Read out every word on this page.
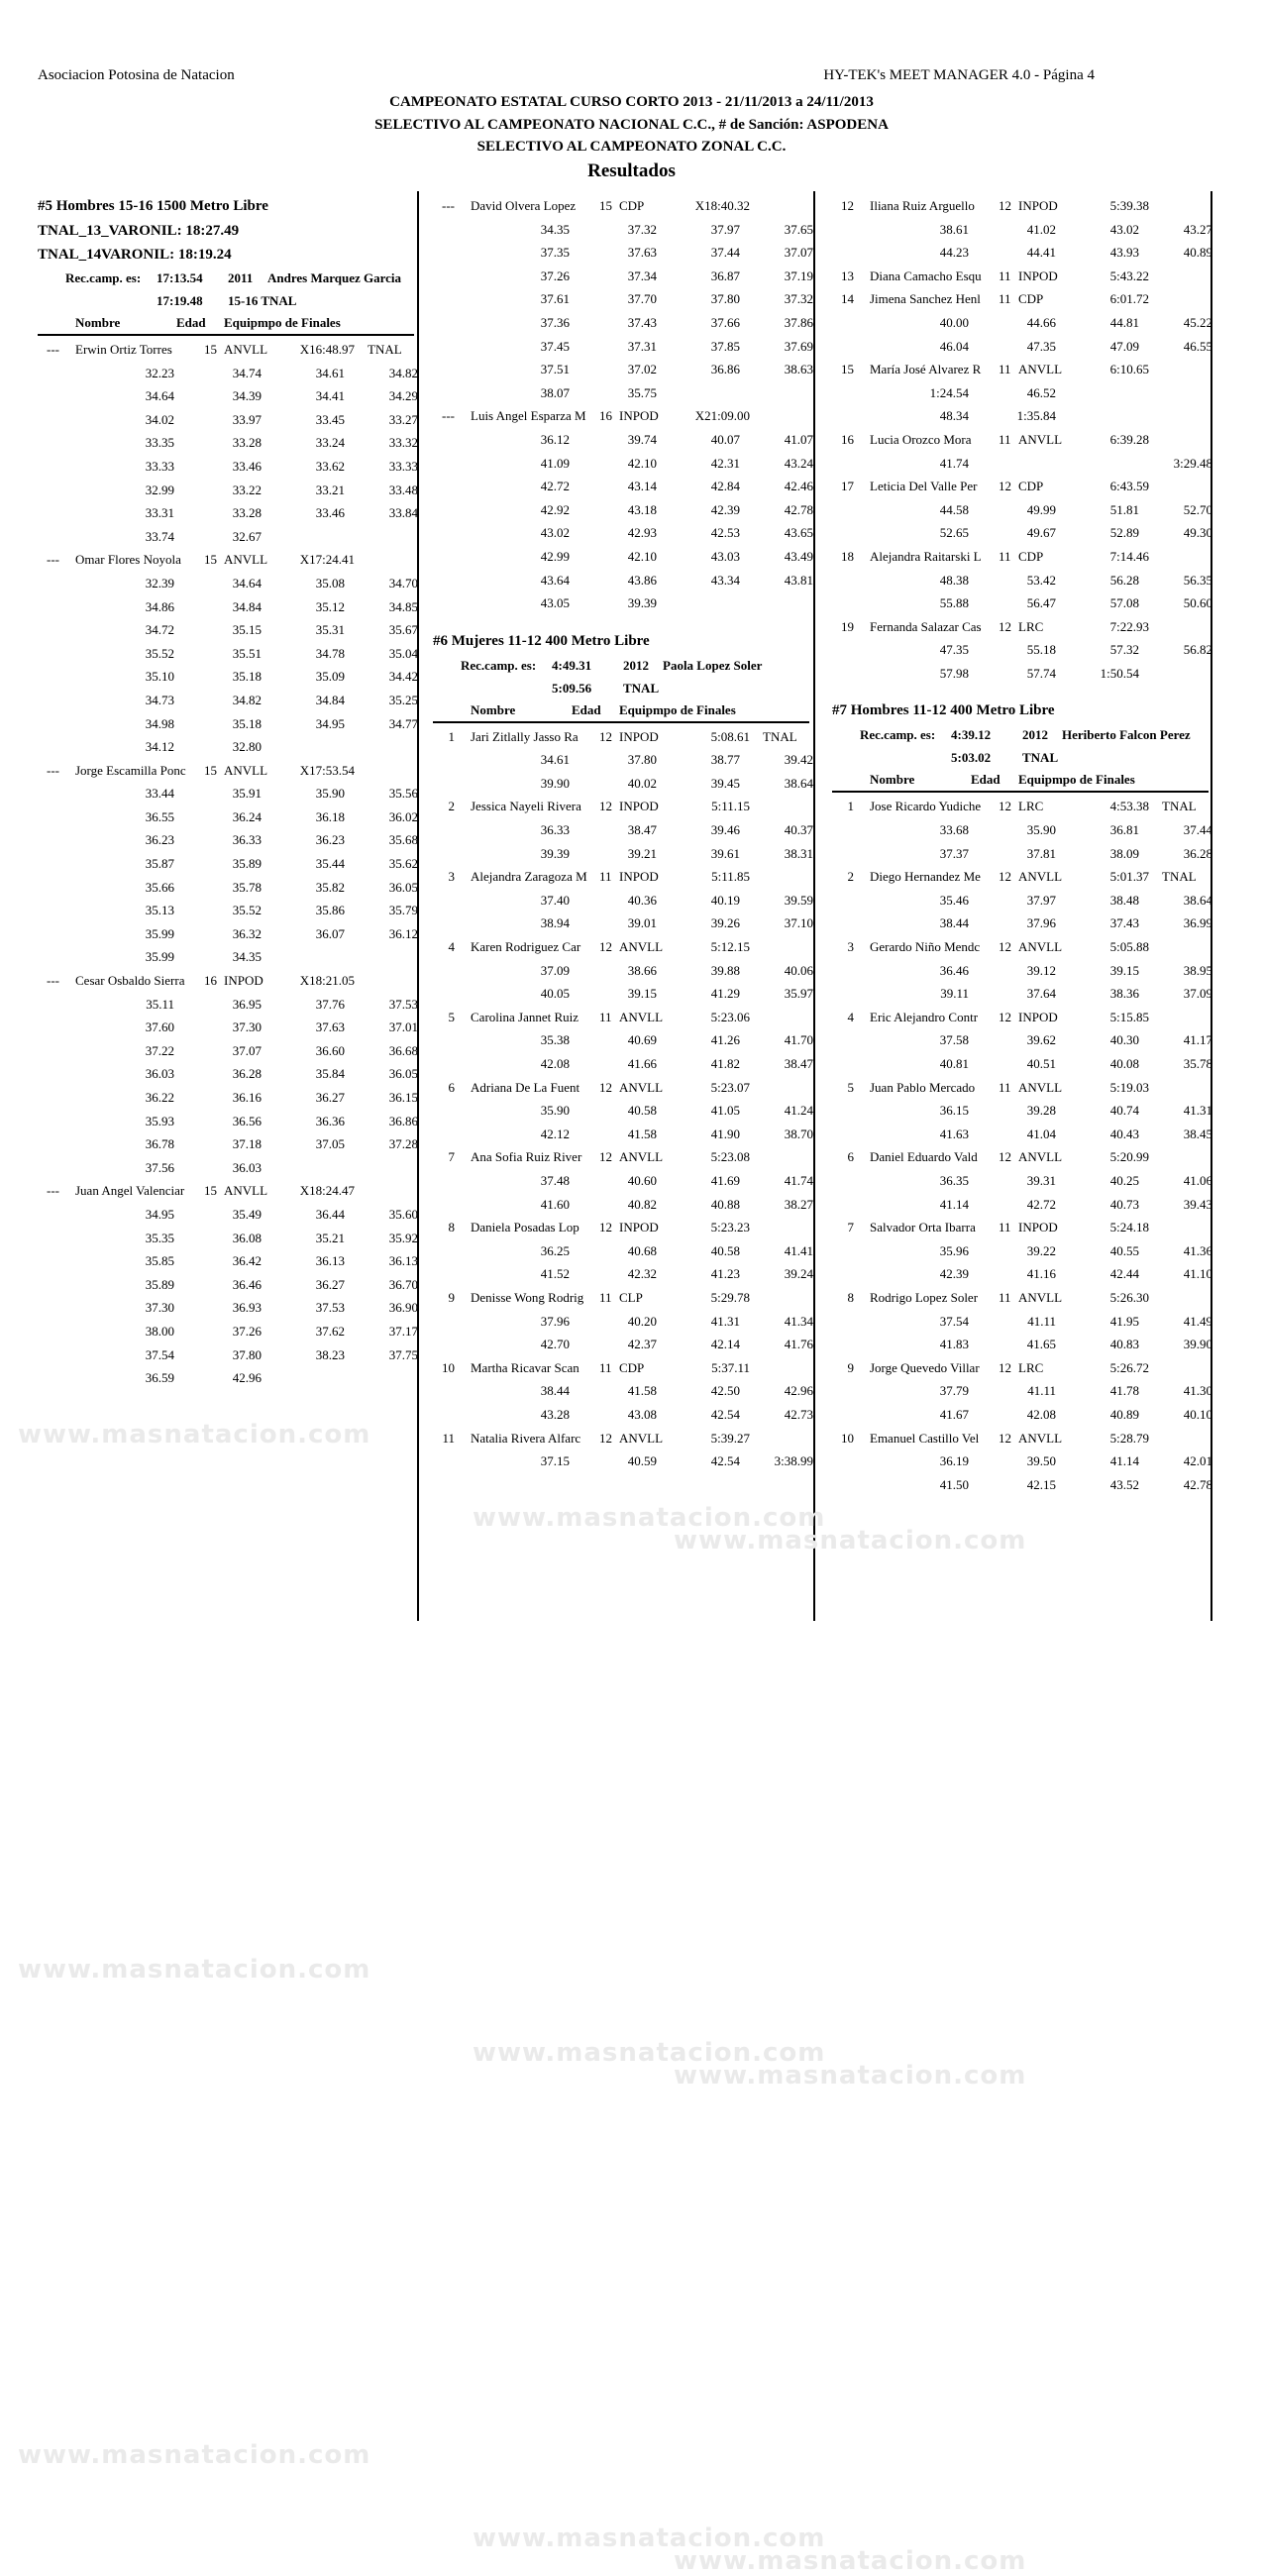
Asociacion Potosina de Natacion	HY-TEK's MEET MANAGER 4.0 - Página 4
CAMPEONATO ESTATAL CURSO CORTO 2013 - 21/11/2013 a 24/11/2013
SELECTIVO AL CAMPEONATO NACIONAL C.C., # de Sanción: ASPODENA
SELECTIVO AL CAMPEONATO ZONAL C.C.
Resultados
#5 Hombres 15-16 1500 Metro Libre
TNAL_13_VARONIL: 18:27.49
TNAL_14VARONIL: 18:19.24
Rec.camp. es: 17:13.54 2011 Andres Marquez Garcia
17:19.48 15-16 TNAL
Nombre	Edad Equipmpo de Finales
--- Erwin Ortiz Torres	15 ANVLL	X16:48.97 TNAL
32.23	34.74	34.61	34.82
34.64	34.39	34.41	34.29
34.02	33.97	33.45	33.27
33.35	33.28	33.24	33.32
33.33	33.46	33.62	33.33
32.99	33.22	33.21	33.48
33.31	33.28	33.46	33.84
33.74	32.67
--- Omar Flores Noyola	15 ANVLL	X17:24.41
32.39	34.64	35.08	34.70
34.86	34.84	35.12	34.85
34.72	35.15	35.31	35.67
35.52	35.51	34.78	35.04
35.10	35.18	35.09	34.42
34.73	34.82	34.84	35.25
34.98	35.18	34.95	34.77
34.12	32.80
--- Jorge Escamilla Ponc	15 ANVLL	X17:53.54
33.44	35.91	35.90	35.56
36.55	36.24	36.18	36.02
36.23	36.33	36.23	35.68
35.87	35.89	35.44	35.62
35.66	35.78	35.82	36.05
35.13	35.52	35.86	35.79
35.99	36.32	36.07	36.12
35.99	34.35
--- Cesar Osbaldo Sierra	16 INPOD	X18:21.05
35.11	36.95	37.76	37.53
37.60	37.30	37.63	37.01
37.22	37.07	36.60	36.68
36.03	36.28	35.84	36.05
36.22	36.16	36.27	36.15
35.93	36.56	36.36	36.86
36.78	37.18	37.05	37.28
37.56	36.03
--- Juan Angel Valenciar	15 ANVLL	X18:24.47
34.95	35.49	36.44	35.60
35.35	36.08	35.21	35.92
35.85	36.42	36.13	36.13
35.89	36.46	36.27	36.70
37.30	36.93	37.53	36.90
38.00	37.26	37.62	37.17
37.54	37.80	38.23	37.75
36.59	42.96
www.masnatacion.com
www.masnatacion.com
www.masnatacion.com
--- David Olvera Lopez	15 CDP	X18:40.32
34.35	37.32	37.97	37.65
37.35	37.63	37.44	37.07
37.26	37.34	36.87	37.19
37.61	37.70	37.80	37.32
37.36	37.43	37.66	37.86
37.45	37.31	37.85	37.69
37.51	37.02	36.86	38.63
38.07	35.75
--- Luis Angel Esparza M	16 INPOD	X21:09.00
36.12	39.74	40.07	41.07
41.09	42.10	42.31	43.24
42.72	43.14	42.84	42.46
42.92	43.18	42.39	42.78
43.02	42.93	42.53	43.65
42.99	42.10	43.03	43.49
43.64	43.86	43.34	43.81
43.05	39.39
#6 Mujeres 11-12 400 Metro Libre
Rec.camp. es: 4:49.31 2012 Paola Lopez Soler
5:09.56 TNAL
Nombre	Edad Equipmpo de Finales
1 Jari Zitlally Jasso Ra	12 INPOD	5:08.61 TNAL
34.61	37.80	38.77	39.42
39.90	40.02	39.45	38.64
2 Jessica Nayeli Rivera	12 INPOD	5:11.15
36.33	38.47	39.46	40.37
39.39	39.21	39.61	38.31
3 Alejandra Zaragoza M 11 INPOD	5:11.85
37.40	40.36	40.19	39.59
38.94	39.01	39.26	37.10
4 Karen Rodriguez Car	12 ANVLL	5:12.15
37.09	38.66	39.88	40.06
40.05	39.15	41.29	35.97
5 Carolina Jannet Ruiz	11 ANVLL	5:23.06
35.38	40.69	41.26	41.70
42.08	41.66	41.82	38.47
6 Adriana De La Fuent	12 ANVLL	5:23.07
35.90	40.58	41.05	41.24
42.12	41.58	41.90	38.70
7 Ana Sofia Ruiz River	12 ANVLL	5:23.08
37.48	40.60	41.69	41.74
41.60	40.82	40.88	38.27
8 Daniela Posadas Lop	12 INPOD	5:23.23
36.25	40.68	40.58	41.41
41.52	42.32	41.23	39.24
9 Denisse Wong Rodrig	11 CLP	5:29.78
37.96	40.20	41.31	41.34
42.70	42.37	42.14	41.76
10 Martha Ricavar Scan	11 CDP	5:37.11
38.44	41.58	42.50	42.96
43.28	43.08	42.54	42.73
11 Natalia Rivera Alfarc	12 ANVLL	5:39.27
37.15	40.59	42.54	3:38.99
www.masnatacion.com
www.masnatacion.com
www.masnatacion.com
12 Iliana Ruiz Arguello	12 INPOD	5:39.38
38.61	41.02	43.02	43.27
44.23	44.41	43.93	40.89
13 Diana Camacho Esqu	11 INPOD	5:43.22
14 Jimena Sanchez Henl	11 CDP	6:01.72
40.00	44.66	44.81	45.22
46.04	47.35	47.09	46.55
15 María José Alvarez R	11 ANVLL	6:10.65
1:24.54	46.52
48.34	1:35.84
16 Lucia Orozco Mora	11 ANVLL	6:39.28
41.74	3:29.48
17 Leticia Del Valle Per	12 CDP	6:43.59
44.58	49.99	51.81	52.70
52.65	49.67	52.89	49.30
18 Alejandra Raitarski L	11 CDP	7:14.46
48.38	53.42	56.28	56.35
55.88	56.47	57.08	50.60
19 Fernanda Salazar Cas	12 LRC	7:22.93
47.35	55.18	57.32	56.82
57.98	57.74	1:50.54
#7 Hombres 11-12 400 Metro Libre
Rec.camp. es: 4:39.12 2012 Heriberto Falcon Perez
5:03.02 TNAL
Nombre	Edad Equipmpo de Finales
1 Jose Ricardo Yudiche	12 LRC	4:53.38 TNAL
33.68	35.90	36.81	37.44
37.37	37.81	38.09	36.28
2 Diego Hernandez Me	12 ANVLL	5:01.37 TNAL
35.46	37.97	38.48	38.64
38.44	37.96	37.43	36.99
3 Gerardo Niño Mendc	12 ANVLL	5:05.88
36.46	39.12	39.15	38.95
39.11	37.64	38.36	37.09
4 Eric Alejandro Contr	12 INPOD	5:15.85
37.58	39.62	40.30	41.17
40.81	40.51	40.08	35.78
5 Juan Pablo Mercado	11 ANVLL	5:19.03
36.15	39.28	40.74	41.31
41.63	41.04	40.43	38.45
6 Daniel Eduardo Vald	12 ANVLL	5:20.99
36.35	39.31	40.25	41.06
41.14	42.72	40.73	39.43
7 Salvador Orta Ibarra	11 INPOD	5:24.18
35.96	39.22	40.55	41.36
42.39	41.16	42.44	41.10
8 Rodrigo Lopez Soler	11 ANVLL	5:26.30
37.54	41.11	41.95	41.49
41.83	41.65	40.83	39.90
9 Jorge Quevedo Villar	12 LRC	5:26.72
37.79	41.11	41.78	41.30
41.67	42.08	40.89	40.10
10 Emanuel Castillo Vel	12 ANVLL	5:28.79
36.19	39.50	41.14	42.01
41.50	42.15	43.52	42.78
www.masnatacion.com
www.masnatacion.com
www.masnatacion.com
